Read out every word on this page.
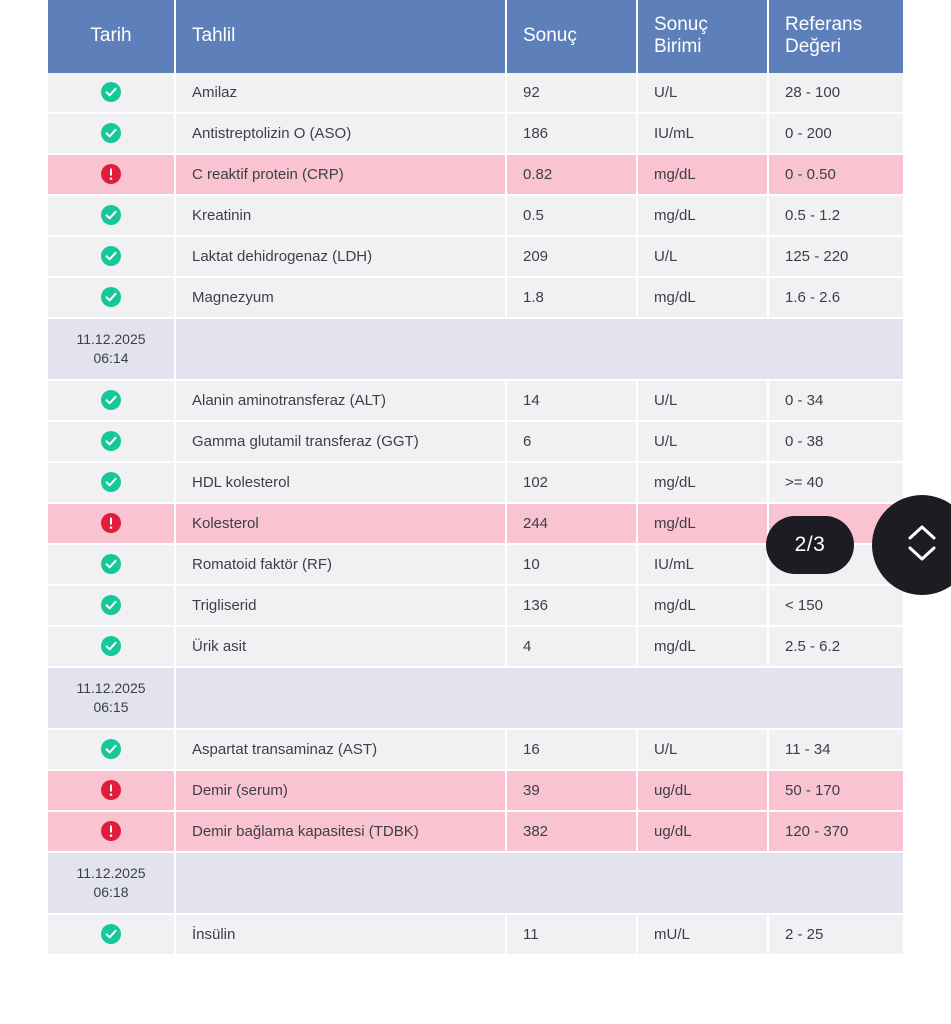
Tarih	Tahlil	Sonuç	Sonuç Birimi	Referans Değeri

	Amilaz	92	U/L	28 - 100

	Antistreptolizin O (ASO)	186	IU/mL	0 - 200

	C reaktif protein (CRP)	0.82	mg/dL	0 - 0.50

	Kreatinin	0.5	mg/dL	0.5 - 1.2

	Laktat dehidrogenaz (LDH)	209	U/L	125 - 220

	Magnezyum	1.8	mg/dL	1.6 - 2.6
11.12.2025
06:14				

	Alanin aminotransferaz (ALT)	14	U/L	0 - 34

	Gamma glutamil transferaz (GGT)	6	U/L	0 - 38

	HDL kolesterol	102	mg/dL	>= 40

	Kolesterol	244	mg/dL	

	Romatoid faktör (RF)	10	IU/mL	

	Trigliserid	136	mg/dL	< 150

	Ürik asit	4	mg/dL	2.5 - 6.2
11.12.2025
06:15				

	Aspartat transaminaz (AST)	16	U/L	11 - 34

	Demir (serum)	39	ug/dL	50 - 170

	Demir bağlama kapasitesi (TDBK)	382	ug/dL	120 - 370
11.12.2025
06:18				

	İnsülin	11	mU/L	2 - 25
2/3
